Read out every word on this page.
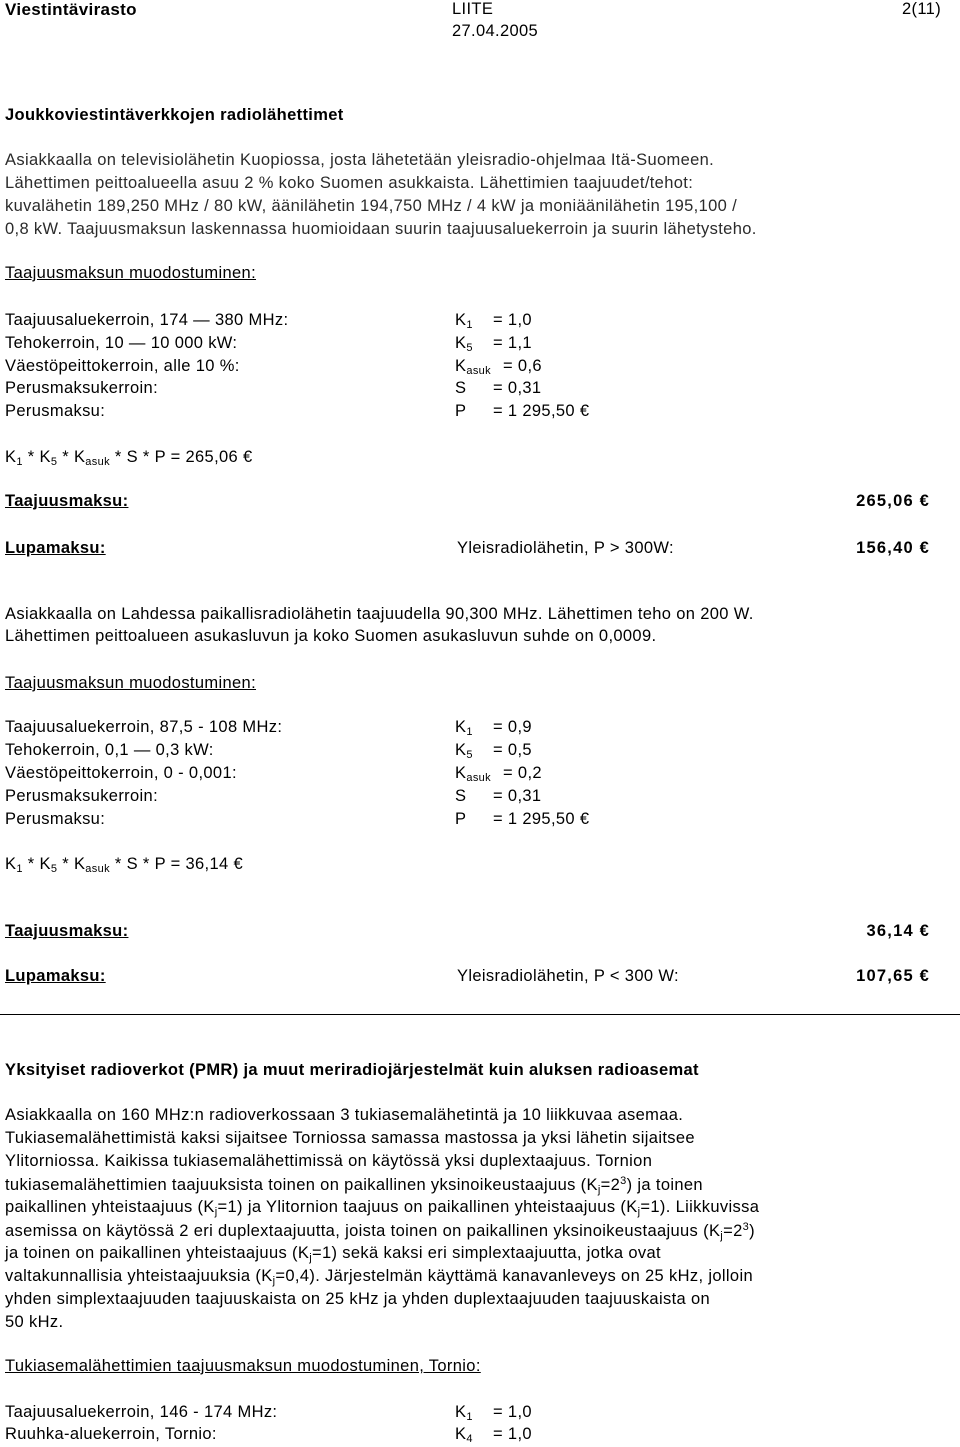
Viestintävirasto	LIITE
27.04.2005
2(11)
Joukkoviestintäverkkojen radiolähettimet
Asiakkaalla on televisiolähetin Kuopiossa, josta lähetetään yleisradio-ohjelmaa Itä-Suomeen.
Lähettimen peittoalueella asuu 2 % koko Suomen asukkaista. Lähettimien taajuudet/tehot:
kuvalähetin 189,250 MHz / 80 kW, äänilähetin 194,750 MHz / 4 kW ja moniäänilähetin 195,100 /
0,8 kW. Taajuusmaksun laskennassa huomioidaan suurin taajuusaluekerroin ja suurin lähetysteho.
Taajuusmaksun muodostuminen:
Taajuusaluekerroin, 174 — 380 MHz:	$K_1 = 1,0$
Tehokerroin, 10 — 10 000 kW:	$K_5 = 1,1$
Väestöpeittokerroin, alle 10 %:	$K_{asuk} = 0,6$
Perusmaksukerroin:	S = 0,31
Perusmaksu:	P = 1 295,50 €
$K_1 * K_5 * K_{asuk} * S * P = 265,06$ €
Taajuusmaksu:	265,06 €
Lupamaksu:	Yleisradiolähetin, P > 300W:	156,40 €
Asiakkaalla on Lahdessa paikallisradiolähetin taajuudella 90,300 MHz. Lähettimen teho on 200 W.
Lähettimen peittoalueen asukasluvun ja koko Suomen asukasluvun suhde on 0,0009.
Taajuusmaksun muodostuminen:
Taajuusaluekerroin, 87,5 - 108 MHz:	$K_1 = 0,9$
Tehokerroin, 0,1 — 0,3 kW:	$K_5 = 0,5$
Väestöpeittokerroin, 0 - 0,001:	$K_{asuk} = 0,2$
Perusmaksukerroin:	S = 0,31
Perusmaksu:	P = 1 295,50 €
$K_1 * K_5 * K_{asuk} * S * P = 36,14$ €
Taajuusmaksu:	36,14 €
Lupamaksu:	Yleisradiolähetin, P < 300 W:	107,65 €
Yksityiset radioverkot (PMR) ja muut meriradiojärjestelmät kuin aluksen radioasemat
Asiakkaalla on 160 MHz:n radioverkossaan 3 tukiasemalähetintä ja 10 liikkuvaa asemaa.
Tukiasemalähettimistä kaksi sijaitsee Torniossa samassa mastossa ja yksi lähetin sijaitsee
Ylitorniossa. Kaikissa tukiasemalähettimissä on käytössä yksi duplextaajuus. Tornion
tukiasemalähettimien taajuuksista toinen on paikallinen yksinoikeustaajuus $(K_j=2^3)$ ja toinen
paikallinen yhteistaajuus $(K_j=1)$ ja Ylitornion taajuus on paikallinen yhteistaajuus $(K_j=1)$. Liikkuvissa
asemissa on käytössä 2 eri duplextaajuutta, joista toinen on paikallinen yksinoikeustaajuus $(K_j=2^3)$
ja toinen on paikallinen yhteistaajuus $(K_j=1)$ sekä kaksi eri simplextaajuutta, jotka ovat
valtakunnallisia yhteistaajuuksia $(K_j=0,4)$. Järjestelmän käyttämä kanavanleveys on 25 kHz, jolloin
yhden simplextaajuuden taajuuskaista on 25 kHz ja yhden duplextaajuuden taajuuskaista on
50 kHz.
Tukiasemalähettimien taajuusmaksun muodostuminen, Tornio:
Taajuusaluekerroin, 146 - 174 MHz:	$K_1 = 1,0$
Ruuhka-aluekerroin, Tornio:	$K_4 = 1,0$
